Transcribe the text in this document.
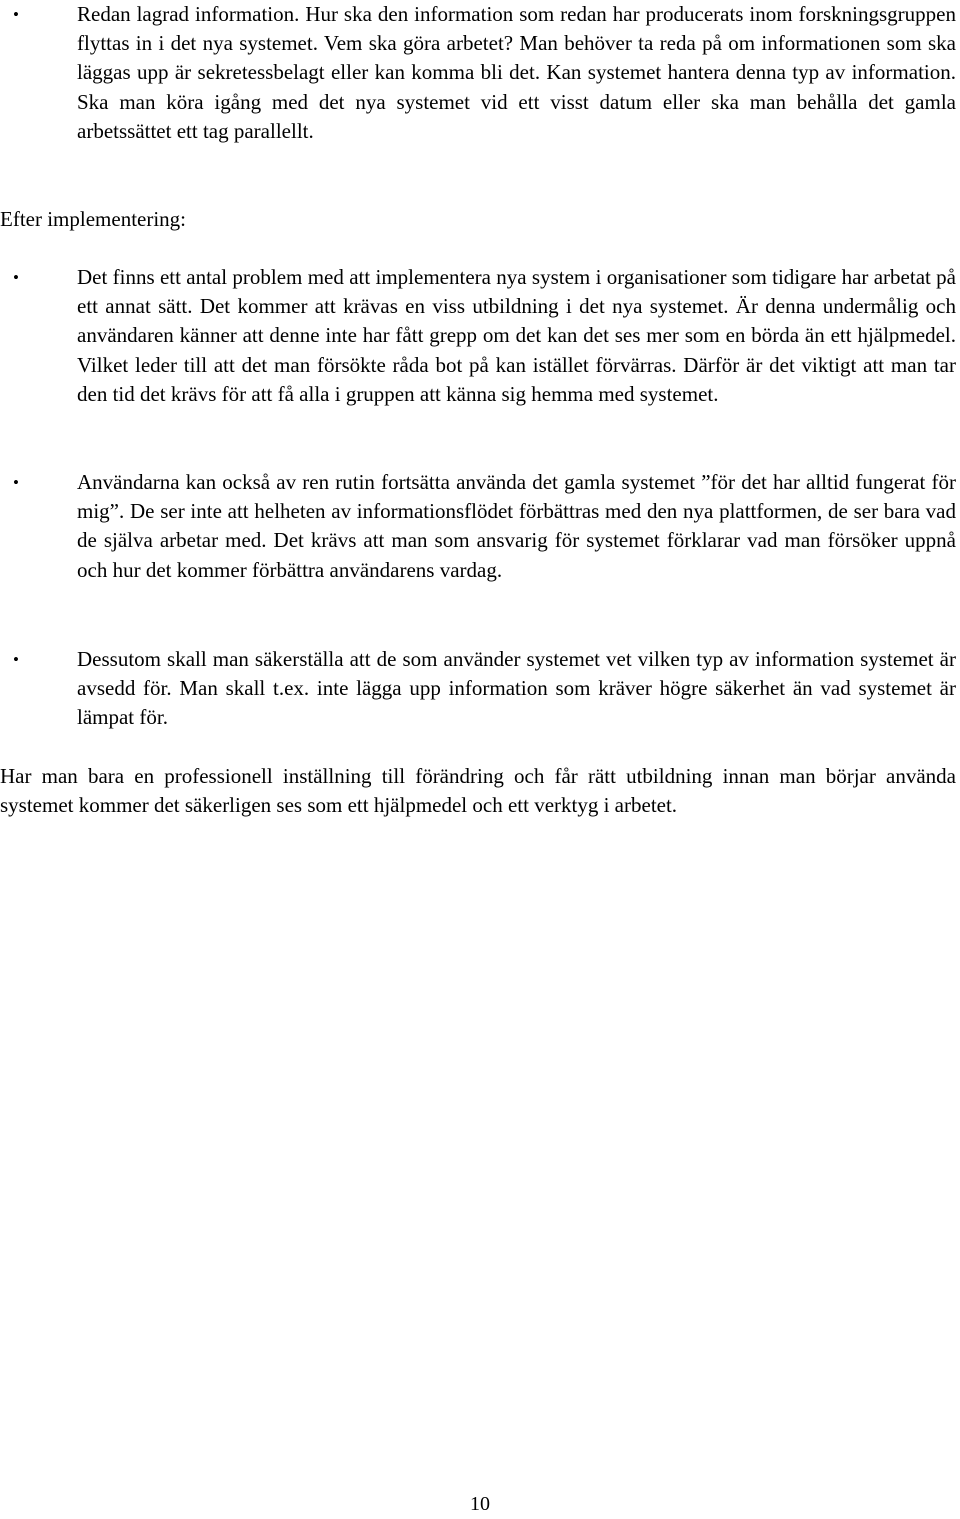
•	Redan lagrad information. Hur ska den information som redan har producerats inom forskningsgruppen flyttas in i det nya systemet. Vem ska göra arbetet? Man behöver ta reda på om informationen som ska läggas upp är sekretessbelagt eller kan komma bli det. Kan systemet hantera denna typ av information. Ska man köra igång med det nya systemet vid ett visst datum eller ska man behålla det gamla arbetssättet ett tag parallellt.
Efter implementering:
•	Det finns ett antal problem med att implementera nya system i organisationer som tidigare har arbetat på ett annat sätt. Det kommer att krävas en viss utbildning i det nya systemet. Är denna undermålig och användaren känner att denne inte har fått grepp om det kan det ses mer som en börda än ett hjälpmedel. Vilket leder till att det man försökte råda bot på kan istället förvärras. Därför är det viktigt att man tar den tid det krävs för att få alla i gruppen att känna sig hemma med systemet.
•	Användarna kan också av ren rutin fortsätta använda det gamla systemet ”för det har alltid fungerat för mig”. De ser inte att helheten av informationsflödet förbättras med den nya plattformen, de ser bara vad de själva arbetar med. Det krävs att man som ansvarig för systemet förklarar vad man försöker uppnå och hur det kommer förbättra användarens vardag.
•	Dessutom skall man säkerställa att de som använder systemet vet vilken typ av information systemet är avsedd för. Man skall t.ex. inte lägga upp information som kräver högre säkerhet än vad systemet är lämpat för.
Har man bara en professionell inställning till förändring och får rätt utbildning innan man börjar använda systemet kommer det säkerligen ses som ett hjälpmedel och ett verktyg i arbetet.
10
